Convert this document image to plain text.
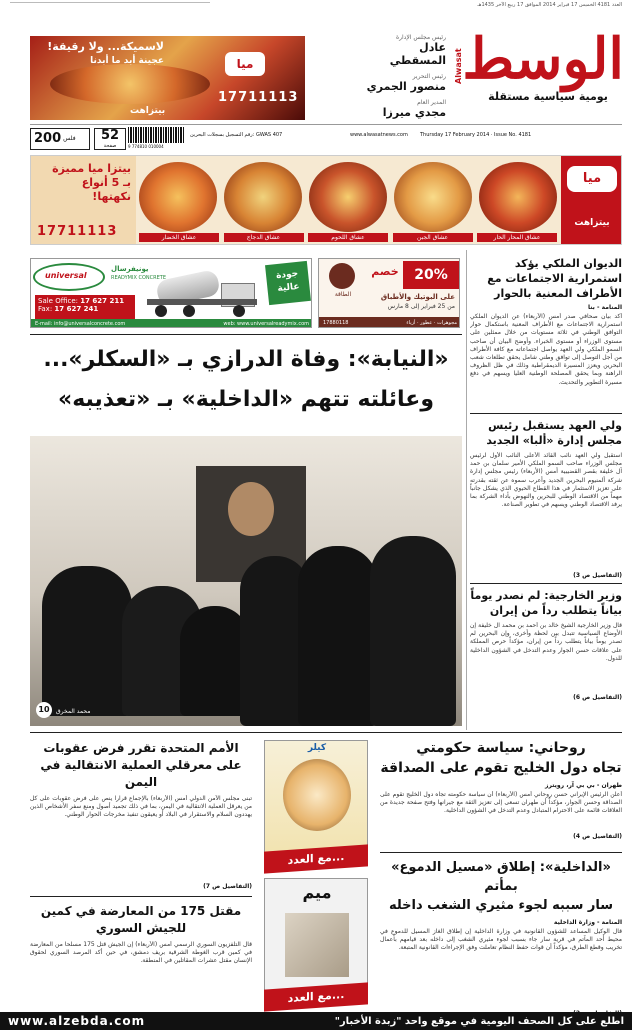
العدد 4181 الخميس 17 فبراير 2014 الموافق 17 ربيع الآخر 1435هـ
الوسط
Alwasat
يومية سياسية مستقلة
رئيس مجلس الإدارة
عادل المسقطي
رئيس التحرير
منصور الجمري
المدير العام
مجدي ميرزا
لاسميكة... ولا رقيقة!
عجينة أبد ما أبدنا	ميا
17711113
بيتزاهت
200 فلس	52
صفحة	9 774810 010004
رقم التسجيل بسجلات البحرين: GWAS 407	www.alwasatnews.com Thursday 17 February 2014 · Issue No. 4181
بيتزا ميا مميزة
بـ 5 أنواع
نكهتها!
17711113	عشاق الخضار	عشاق الدجاج	عشاق اللحوم	عشاق الجبن	عشاق المحار الحار
ميا
بيتزاهت
universal
يونيفرسال
READYMIX CONCRETE
Sale Office: 17 627 211
Fax: 17 627 241
جودة عالية
E-mail: info@universalconcrete.com	web: www.universalreadymix.com
الطاقة
20%
خصم
على البوتيك والأطباق
من 25 فبراير إلى 8 مارس
17880118	مجوهرات · عطور · أزياء
الديوان الملكي يؤكد استمرارية الاجتماعات مع الأطراف المعنية بالحوار
المنامة - بنا
أكد بيان صحافي صدر أمس (الأربعاء) عن الديوان الملكي استمرارية الاجتماعات مع الأطراف المعنية باستكمال حوار التوافق الوطني في ثلاثة مستويات من خلال ممثلين على مستوى الوزراء أو مستوى الخبراء. وأوضح البيان أن صاحب السمو الملكي ولي العهد يواصل اجتماعاته مع كافة الأطراف من أجل التوصل إلى توافق وطني شامل يحقق تطلعات شعب البحرين ويعزز المسيرة الديمقراطية وذلك في ظل الظروف الراهنة وبما يحقق المصلحة الوطنية العليا ويسهم في دفع مسيرة التطوير والتحديث.
ولي العهد يستقبل رئيس مجلس إدارة «ألبا» الجديد
استقبل ولي العهد نائب القائد الأعلى النائب الأول لرئيس مجلس الوزراء صاحب السمو الملكي الأمير سلمان بن حمد آل خليفة بقصر القضيبية أمس (الأربعاء) رئيس مجلس إدارة شركة ألمنيوم البحرين الجديد وأعرب سموه عن ثقته بقدرته على تعزيز الاستثمار في هذا القطاع الحيوي الذي يشكل جانباً مهماً من الاقتصاد الوطني للبحرين والنهوض بأداء الشركة بما يرفد الاقتصاد الوطني ويسهم في تطوير الصناعة.
(التفاصيل ص 3)
وزير الخارجية: لم نصدر يوماً بياناً يتطلب رداً من إيران
قال وزير الخارجية الشيخ خالد بن أحمد بن محمد آل خليفة إن الأوضاع السياسية تتبدل بين لحظة وأخرى، وإن البحرين لم تصدر يوماً بياناً يتطلب رداً من إيران، مؤكداً حرص المملكة على علاقات حسن الجوار وعدم التدخل في الشؤون الداخلية للدول.
(التفاصيل ص 6)
«النيابة»: وفاة الدرازي بـ «السكلر»...
وعائلته تتهم «الداخلية» بـ «تعذيبه»
10	محمد المخرق
روحاني: سياسة حكومتي
تجاه دول الخليج تقوم على الصداقة
طهران - بي بي آر، رويترز
أعلن الرئيس الإيراني حسن روحاني أمس (الأربعاء) أن سياسة حكومته تجاه دول الخليج تقوم على الصداقة وحسن الجوار، مؤكداً أن طهران تسعى إلى تعزيز الثقة مع جيرانها وفتح صفحة جديدة من العلاقات قائمة على الاحترام المتبادل وعدم التدخل في الشؤون الداخلية.
(التفاصيل ص 4)
«الداخلية»: إطلاق «مسيل الدموع» بمأتم
سار سببه لجوء مثيري الشغب داخله
المنامة - وزارة الداخلية
قال الوكيل المساعد للشؤون القانونية في وزارة الداخلية إن إطلاق الغاز المسيل للدموع في محيط أحد المآتم في قرية سار جاء بسبب لجوء مثيري الشغب إلى داخله بعد قيامهم بأعمال تخريب وقطع الطرق، مؤكداً أن قوات حفظ النظام تعاملت وفق الإجراءات القانونية المتبعة.
كيلر
مع العدد...
ميم
مع العدد...
الأمم المتحدة تقرر فرض عقوبات على معرقلي العملية الانتقالية في اليمن
تبنى مجلس الأمن الدولي أمس (الأربعاء) بالإجماع قراراً ينص على فرض عقوبات على كل من يعرقل العملية الانتقالية في اليمن، بما في ذلك تجميد أصول ومنع سفر الأشخاص الذين يهددون السلام والاستقرار في البلاد أو يعيقون تنفيذ مخرجات الحوار الوطني.
(التفاصيل ص 7)
مقتل 175 من المعارضة في كمين للجيش السوري
قال التلفزيون السوري الرسمي أمس (الأربعاء) إن الجيش قتل 175 مسلحاً من المعارضة في كمين قرب الغوطة الشرقية بريف دمشق، في حين أكد المرصد السوري لحقوق الإنسان مقتل عشرات المقاتلين في المنطقة.
www.alzebda.com	اطلع على كل الصحف اليومية في موقع واحد "زبدة الأخبار"
